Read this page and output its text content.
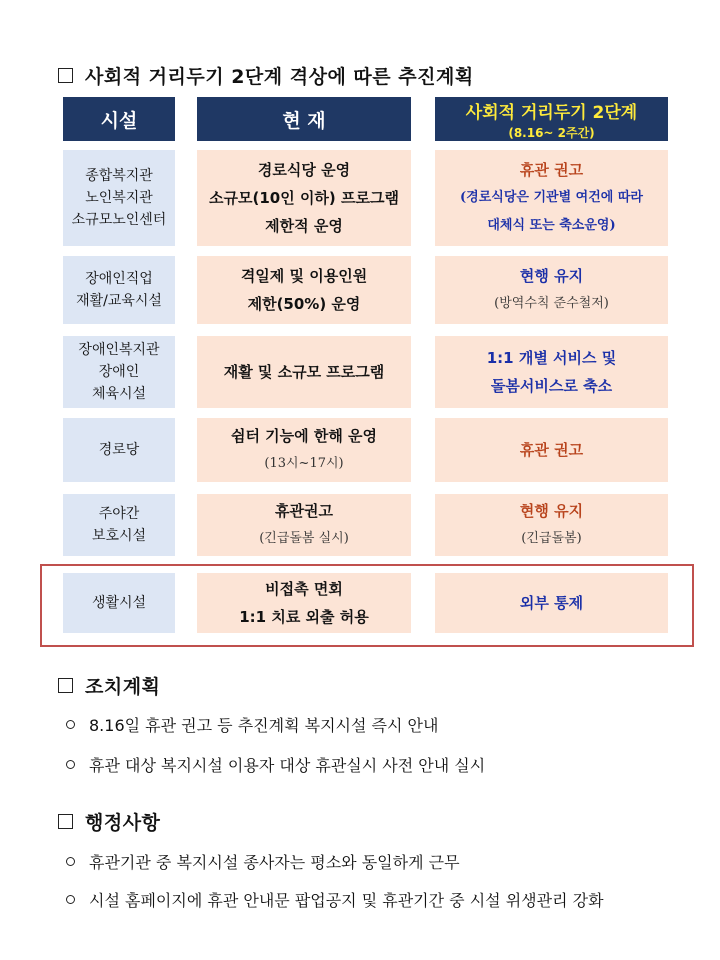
사회적 거리두기 2단계 격상에 따른 추진계획
시설	현 재	사회적 거리두기 2단계
(8.16~ 2주간)
종합복지관
노인복지관
소규모노인센터
경로식당 운영
소규모(10인 이하) 프로그램
제한적 운영
휴관 권고
(경로식당은 기관별 여건에 따라
대체식 또는 축소운영)
장애인직업
재활/교육시설
격일제 및 이용인원
제한(50%) 운영
현행 유지
(방역수칙 준수철저)
장애인복지관
장애인
체육시설
재활 및 소규모 프로그램
1:1 개별 서비스 및
돌봄서비스로 축소
경로당
쉼터 기능에 한해 운영
(13시~17시)
휴관 권고
주야간
보호시설
휴관권고
(긴급돌봄 실시)
현행 유지
(긴급돌봄)
생활시설
비접촉 면회
1:1 치료 외출 허용
외부 통제
조치계획
8.16일 휴관 권고 등 추진계획 복지시설 즉시 안내
휴관 대상 복지시설 이용자 대상 휴관실시 사전 안내 실시
행정사항
휴관기관 중 복지시설 종사자는 평소와 동일하게 근무
시설 홈페이지에 휴관 안내문 팝업공지 및 휴관기간 중 시설 위생관리 강화
